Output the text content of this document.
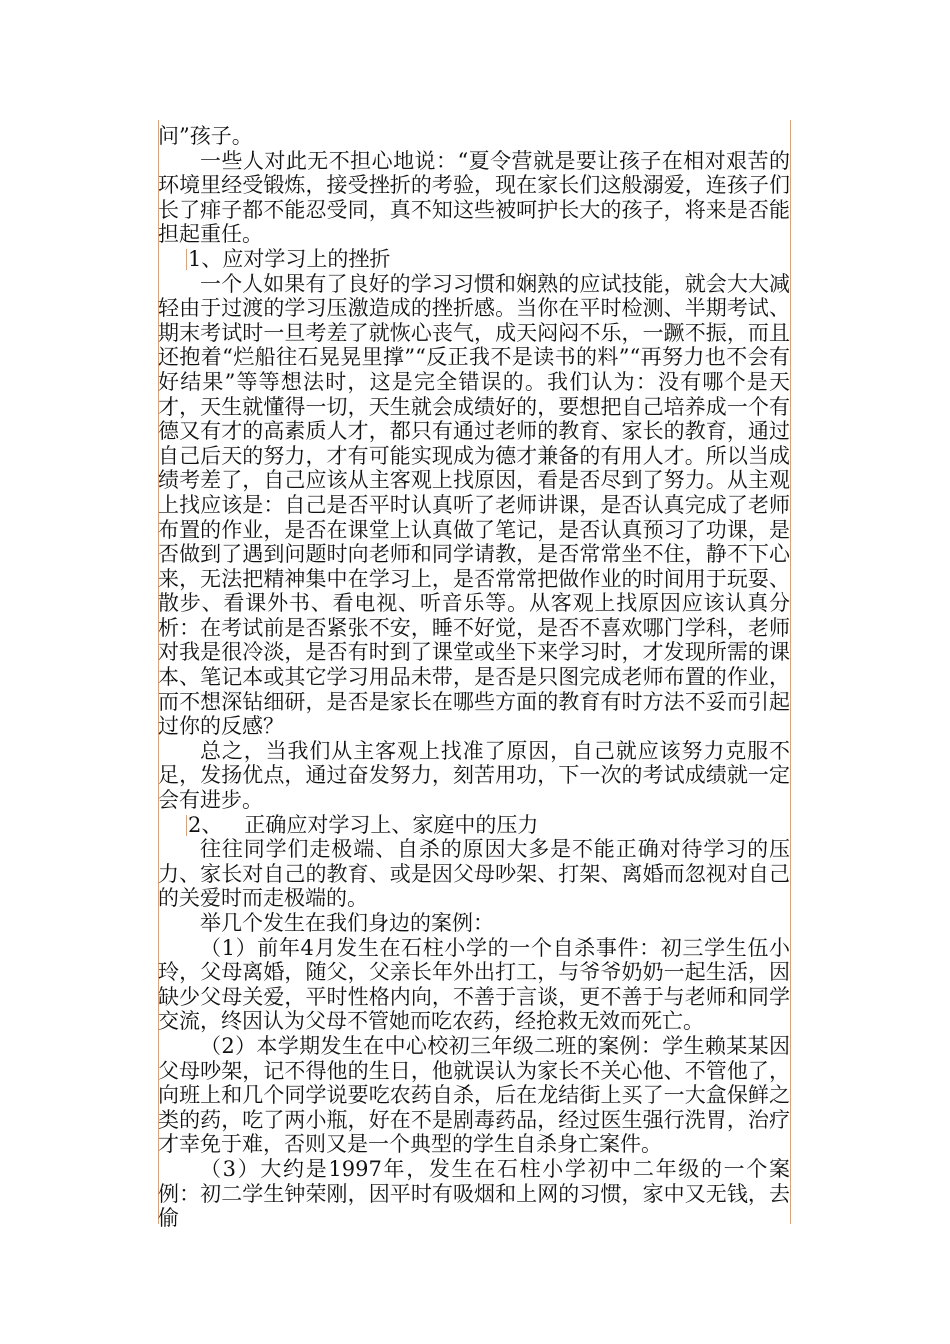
问”孩子。

一些人对此无不担心地说：“夏令营就是要让孩子在相对艰苦的环境里经受锻炼，接受挫折的考验，现在家长们这般溺爱，连孩子们长了痱子都不能忍受同，真不知这些被呵护长大的孩子，将来是否能担起重任。

1、应对学习上的挫折

一个人如果有了良好的学习习惯和娴熟的应试技能，就会大大减轻由于过渡的学习压激造成的挫折感。当你在平时检测、半期考试、期末考试时一旦考差了就恢心丧气，成天闷闷不乐，一蹶不振，而且还抱着“烂船往石晃晃里撑”“反正我不是读书的料”“再努力也不会有好结果”等等想法时，这是完全错误的。我们认为：没有哪个是天才，天生就懂得一切，天生就会成绩好的，要想把自己培养成一个有德又有才的高素质人才，都只有通过老师的教育、家长的教育，通过自己后天的努力，才有可能实现成为德才兼备的有用人才。所以当成绩考差了，自己应该从主客观上找原因，看是否尽到了努力。从主观上找应该是：自己是否平时认真听了老师讲课，是否认真完成了老师布置的作业，是否在课堂上认真做了笔记，是否认真预习了功课，是否做到了遇到问题时向老师和同学请教，是否常常坐不住，静不下心来，无法把精神集中在学习上，是否常常把做作业的时间用于玩耍、散步、看课外书、看电视、听音乐等。从客观上找原因应该认真分析：在考试前是否紧张不安，睡不好觉，是否不喜欢哪门学科，老师对我是很冷淡，是否有时到了课堂或坐下来学习时，才发现所需的课本、笔记本或其它学习用品未带，是否是只图完成老师布置的作业，而不想深钻细研，是否是家长在哪些方面的教育有时方法不妥而引起过你的反感？

总之，当我们从主客观上找准了原因，自己就应该努力克服不足，发扬优点，通过奋发努力，刻苦用功，下一次的考试成绩就一定会有进步。

2、 正确应对学习上、家庭中的压力

往往同学们走极端、自杀的原因大多是不能正确对待学习的压力、家长对自己的教育、或是因父母吵架、打架、离婚而忽视对自己的关爱时而走极端的。

举几个发生在我们身边的案例：

（1）前年4月发生在石柱小学的一个自杀事件：初三学生伍小玲，父母离婚，随父，父亲长年外出打工，与爷爷奶奶一起生活，因缺少父母关爱，平时性格内向，不善于言谈，更不善于与老师和同学交流，终因认为父母不管她而吃农药，经抢救无效而死亡。

（2）本学期发生在中心校初三年级二班的案例：学生赖某某因父母吵架，记不得他的生日，他就误认为家长不关心他、不管他了，向班上和几个同学说要吃农药自杀，后在龙结街上买了一大盒保鲜之类的药，吃了两小瓶，好在不是剧毒药品，经过医生强行洗胃，治疗才幸免于难，否则又是一个典型的学生自杀身亡案件。

（3）大约是1997年，发生在石柱小学初中二年级的一个案例：初二学生钟荣刚，因平时有吸烟和上网的习惯，家中又无钱，去偷
